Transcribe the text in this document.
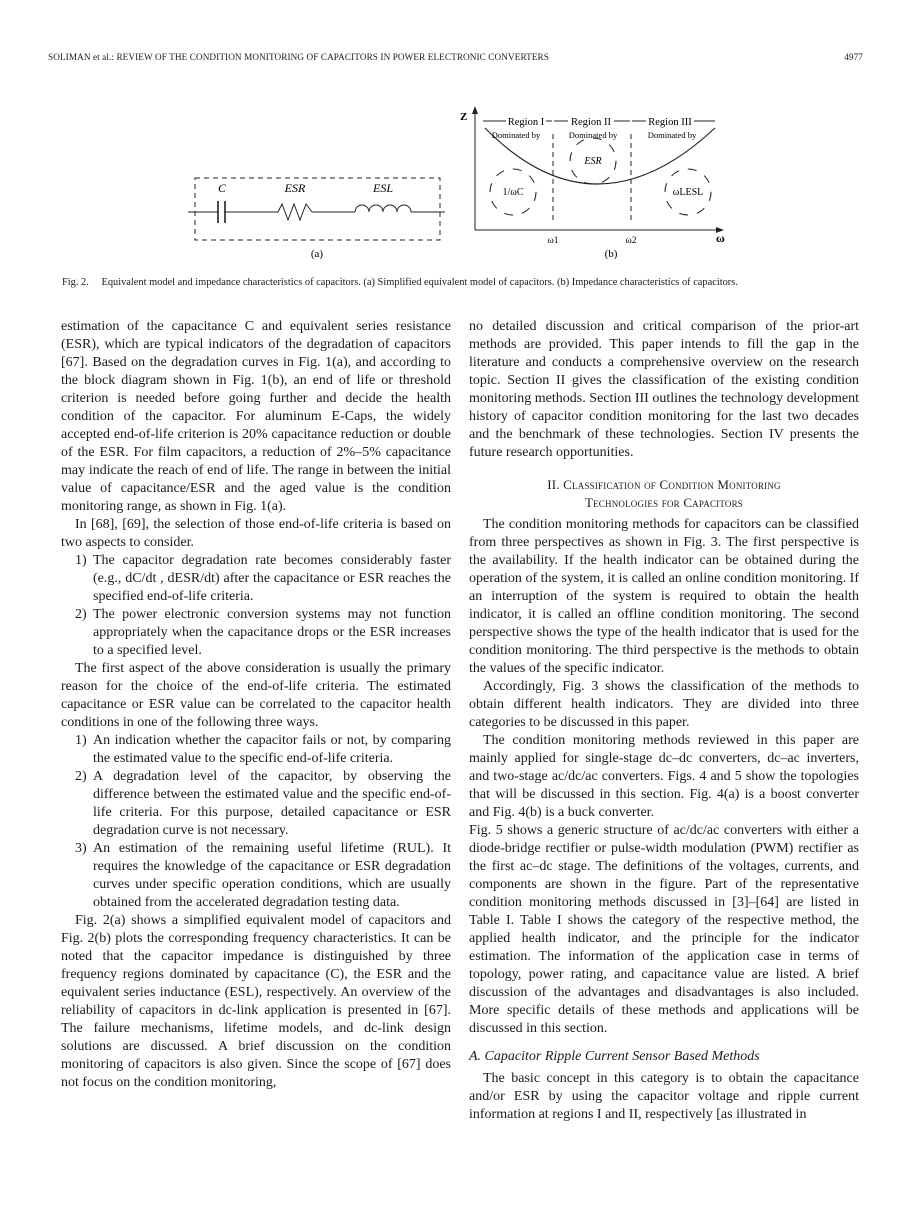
SOLIMAN et al.: REVIEW OF THE CONDITION MONITORING OF CAPACITORS IN POWER ELECTRONIC CONVERTERS	4977
C	ESR	ESL
(a)
Z
ω
Region I	Region II	Region III
Dominated by	Dominated by	Dominated by
1/ωC
ESR
ωLESL
ω1	ω2
(b)
Fig. 2. Equivalent model and impedance characteristics of capacitors. (a) Simplified equivalent model of capacitors. (b) Impedance characteristics of capacitors.

estimation of the capacitance C and equivalent series resistance (ESR), which are typical indicators of the degradation of capacitors [67]. Based on the degradation curves in Fig. 1(a), and according to the block diagram shown in Fig. 1(b), an end of life or threshold criterion is needed before going further and decide the health condition of the capacitor. For aluminum E-Caps, the widely accepted end-of-life criterion is 20% capacitance reduction or double of the ESR. For film capacitors, a reduction of 2%–5% capacitance may indicate the reach of end of life. The range in between the initial value of capacitance/ESR and the aged value is the condition monitoring range, as shown in Fig. 1(a).

In [68], [69], the selection of those end-of-life criteria is based on two aspects to consider.

1) The capacitor degradation rate becomes considerably faster (e.g., dC/dt , dESR/dt) after the capacitance or ESR reaches the specified end-of-life criteria.
2) The power electronic conversion systems may not function appropriately when the capacitance drops or the ESR increases to a specified level.

The first aspect of the above consideration is usually the primary reason for the choice of the end-of-life criteria. The estimated capacitance or ESR value can be correlated to the capacitor health conditions in one of the following three ways.

1) An indication whether the capacitor fails or not, by comparing the estimated value to the specific end-of-life criteria.
2) A degradation level of the capacitor, by observing the difference between the estimated value and the specific end-of-life criteria. For this purpose, detailed capacitance or ESR degradation curve is not necessary.
3) An estimation of the remaining useful lifetime (RUL). It requires the knowledge of the capacitance or ESR degradation curves under specific operation conditions, which are usually obtained from the accelerated degradation testing data.

Fig. 2(a) shows a simplified equivalent model of capacitors and Fig. 2(b) plots the corresponding frequency characteristics. It can be noted that the capacitor impedance is distinguished by three frequency regions dominated by capacitance (C), the ESR and the equivalent series inductance (ESL), respectively. An overview of the reliability of capacitors in dc-link application is presented in [67]. The failure mechanisms, lifetime models, and dc-link design solutions are discussed. A brief discussion on the condition monitoring of capacitors is also given. Since the scope of [67] does not focus on the condition monitoring,

no detailed discussion and critical comparison of the prior-art methods are provided. This paper intends to fill the gap in the literature and conducts a comprehensive overview on the research topic. Section II gives the classification of the existing condition monitoring methods. Section III outlines the technology development history of capacitor condition monitoring for the last two decades and the benchmark of these technologies. Section IV presents the future research opportunities.

II. Classification of Condition Monitoring
Technologies for Capacitors

The condition monitoring methods for capacitors can be classified from three perspectives as shown in Fig. 3. The first perspective is the availability. If the health indicator can be obtained during the operation of the system, it is called an online condition monitoring. If an interruption of the system is required to obtain the health indicator, it is called an offline condition monitoring. The second perspective shows the type of the health indicator that is used for the condition monitoring. The third perspective is the methods to obtain the values of the specific indicator.

Accordingly, Fig. 3 shows the classification of the methods to obtain different health indicators. They are divided into three categories to be discussed in this paper.

The condition monitoring methods reviewed in this paper are mainly applied for single-stage dc–dc converters, dc–ac inverters, and two-stage ac/dc/ac converters. Figs. 4 and 5 show the topologies that will be discussed in this section. Fig. 4(a) is a boost converter and Fig. 4(b) is a buck converter.

Fig. 5 shows a generic structure of ac/dc/ac converters with either a diode-bridge rectifier or pulse-width modulation (PWM) rectifier as the first ac–dc stage. The definitions of the voltages, currents, and components are shown in the figure. Part of the representative condition monitoring methods discussed in [3]–[64] are listed in Table I. Table I shows the category of the respective method, the applied health indicator, and the principle for the indicator estimation. The information of the application case in terms of topology, power rating, and capacitance value are listed. A brief discussion of the advantages and disadvantages is also included. More specific details of these methods and applications will be discussed in this section.

A. Capacitor Ripple Current Sensor Based Methods

The basic concept in this category is to obtain the capacitance and/or ESR by using the capacitor voltage and ripple current information at regions I and II, respectively [as illustrated in
